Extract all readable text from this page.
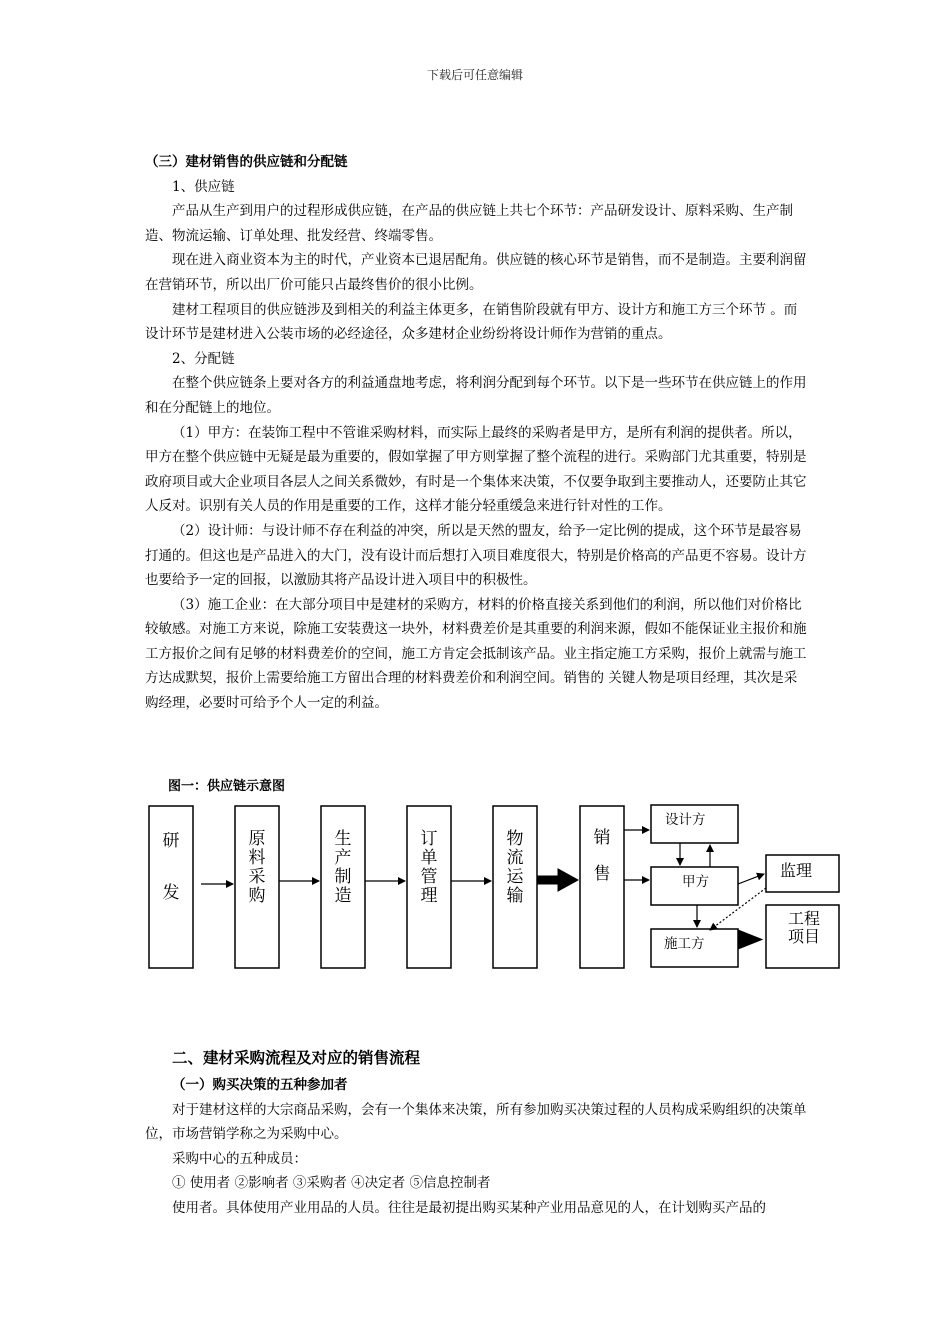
下载后可任意编辑

（三）建材销售的供应链和分配链

1、供应链

产品从生产到用户的过程形成供应链，在产品的供应链上共七个环节：产品研发设计、原料采购、生产制造、物流运输、订单处理、批发经营、终端零售。

现在进入商业资本为主的时代，产业资本已退居配角。供应链的核心环节是销售，而不是制造。主要利润留在营销环节，所以出厂价可能只占最终售价的很小比例。

建材工程项目的供应链涉及到相关的利益主体更多，在销售阶段就有甲方、设计方和施工方三个环节 。而设计环节是建材进入公装市场的必经途径，众多建材企业纷纷将设计师作为营销的重点。

2、分配链

在整个供应链条上要对各方的利益通盘地考虑，将利润分配到每个环节。以下是一些环节在供应链上的作用和在分配链上的地位。

（1）甲方：在装饰工程中不管谁采购材料，而实际上最终的采购者是甲方，是所有利润的提供者。所以，甲方在整个供应链中无疑是最为重要的，假如掌握了甲方则掌握了整个流程的进行。采购部门尤其重要，特别是政府项目或大企业项目各层人之间关系微妙，有时是一个集体来决策，不仅要争取到主要推动人，还要防止其它人反对。识别有关人员的作用是重要的工作，这样才能分轻重缓急来进行针对性的工作。

（2）设计师：与设计师不存在利益的冲突，所以是天然的盟友，给予一定比例的提成，这个环节是最容易打通的。但这也是产品进入的大门，没有设计而后想打入项目难度很大，特别是价格高的产品更不容易。设计方也要给予一定的回报，以激励其将产品设计进入项目中的积极性。

（3）施工企业：在大部分项目中是建材的采购方，材料的价格直接关系到他们的利润，所以他们对价格比较敏感。对施工方来说，除施工安装费这一块外，材料费差价是其重要的利润来源，假如不能保证业主报价和施工方报价之间有足够的材料费差价的空间，施工方肯定会抵制该产品。业主指定施工方采购，报价上就需与施工方达成默契，报价上需要给施工方留出合理的材料费差价和利润空间。销售的 关键人物是项目经理，其次是采购经理，必要时可给予个人一定的利益。

图一：供应链示意图
研
发
原
料
采
购
生
产
制
造
订
单
管
理
物
流
运
输
销
售
设计方
甲方
施工方
监理
工程
项目

二、建材采购流程及对应的销售流程

（一）购买决策的五种参加者

对于建材这样的大宗商品采购，会有一个集体来决策，所有参加购买决策过程的人员构成采购组织的决策单位，市场营销学称之为采购中心。

采购中心的五种成员：

① 使用者 ②影响者 ③采购者 ④决定者 ⑤信息控制者

使用者。具体使用产业用品的人员。往往是最初提出购买某种产业用品意见的人，在计划购买产品的
